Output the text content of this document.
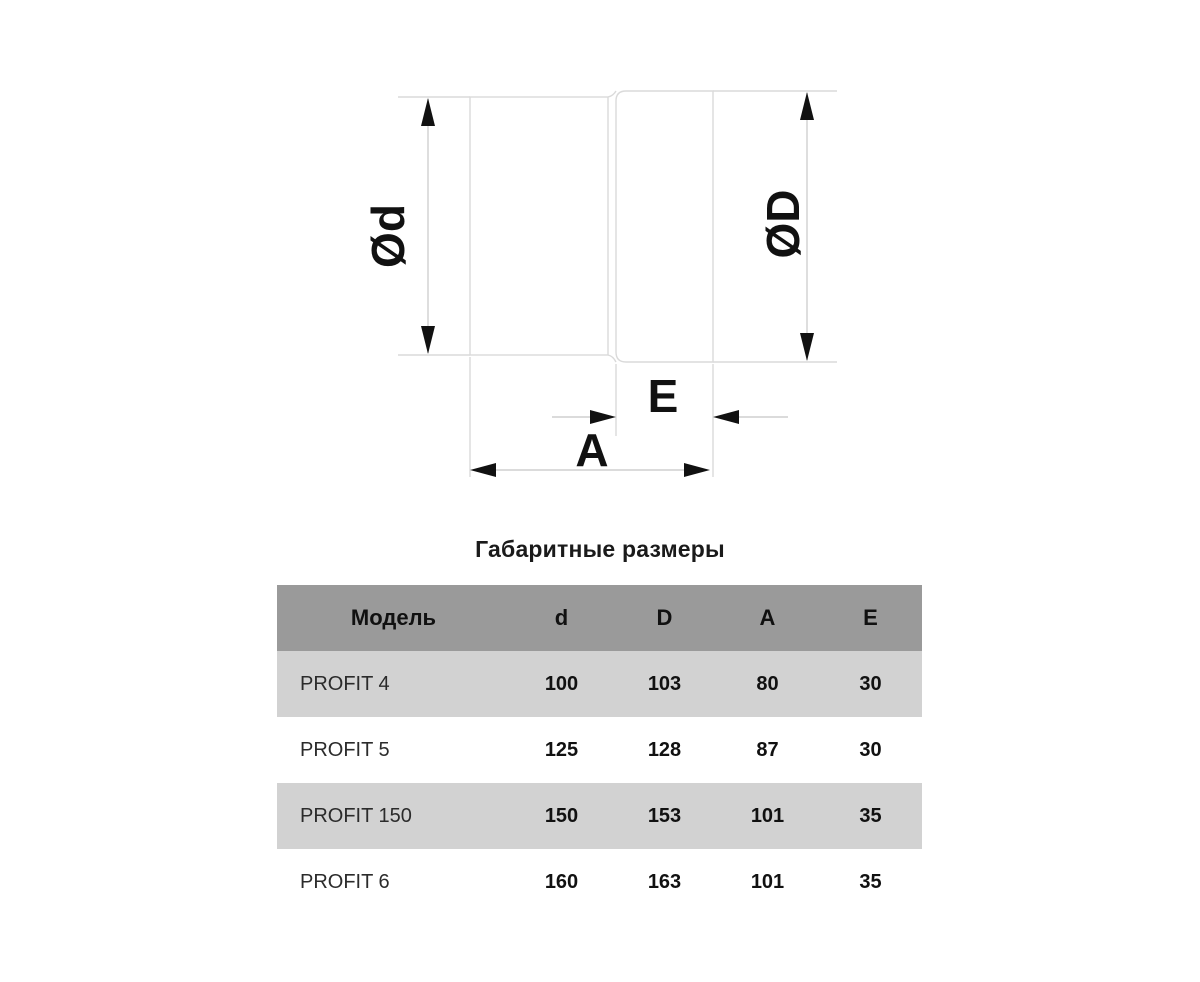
Ød	ØD
E
A
Габаритные размеры
Модель	d	D	A	E
PROFIT 4	100	103	80	30
PROFIT 5	125	128	87	30
PROFIT 150	150	153	101	35
PROFIT 6	160	163	101	35
